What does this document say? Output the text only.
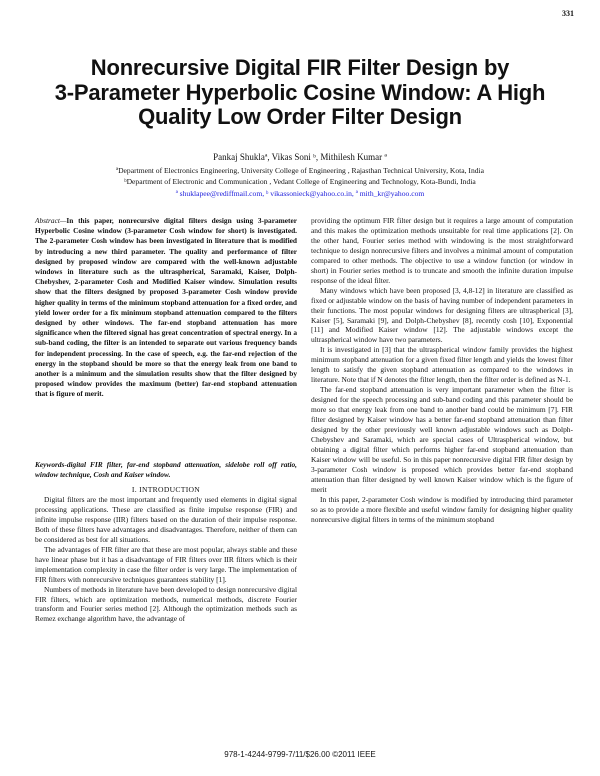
331
Nonrecursive Digital FIR Filter Design by
3-Parameter Hyperbolic Cosine Window: A High
Quality Low Order Filter Design
Pankaj Shuklaª, Vikas Soni ᵇ, Mithilesh Kumar ª
ªDepartment of Electronics Engineering, University College of Engineering , Rajasthan Technical University, Kota, India
ᵇDepartment of Electronic and Communication , Vedant College of Engineering and Technology, Kota-Bundi, India
ª shuklapee@rediffmail.com, ᵇ vikassonieck@yahoo.co.in, ª mith_kr@yahoo.com
Abstract—In this paper, nonrecursive digital filters design using 3-parameter Hyperbolic Cosine window (3-parameter Cosh window for short) is investigated. The 2-parameter Cosh window has been investigated in literature that is modified by introducing a new third parameter. The quality and performance of filter designed by proposed window are compared with the well-known adjustable windows in literature such as the ultraspherical, Saramaki, Kaiser, Dolph-Chebyshev, 2-parameter Cosh and Modified Kaiser window. Simulation results show that the filters designed by proposed 3-parameter Cosh window provide higher quality in terms of the minimum stopband attenuation for a fixed order, and yield lower order for a fix minimum stopband attenuation compared to the filters designed by other windows. The far-end stopband attenuation has more significance when the filtered signal has great concentration of spectral energy. In a sub-band coding, the filter is an intended to separate out various frequency bands for independent processing. In the case of speech, e.g. the far-end rejection of the energy in the stopband should be more so that the energy leak from one band to another is a minimum and the simulation results show that the filter designed by proposed window provides the maximum (better) far-end stopband attenuation that is figure of merit.
Keywords-digital FIR filter, far-end stopband attenuation, sidelobe roll off ratio, window technique, Cosh and Kaiser window.
I. INTRODUCTION

Digital filters are the most important and frequently used elements in digital signal processing applications. These are classified as finite impulse response (FIR) and infinite impulse response (IIR) filters based on the duration of their impulse response. Both of these filters have advantages and disadvantages. Therefore, neither of them can be considered as best for all situations.

The advantages of FIR filter are that these are most popular, always stable and these have linear phase but it has a disadvantage of FIR filters over IIR filters which is their implementation complexity in case the filter order is very large. The implementation of FIR filters with nonrecursive techniques guarantees stability [1].

Numbers of methods in literature have been developed to design nonrecursive digital FIR filters, which are optimization methods, numerical methods, discrete Fourier transform and Fourier series method [2]. Although the optimization methods such as Remez exchange algorithm have, the advantage of

providing the optimum FIR filter design but it requires a large amount of computation and this makes the optimization methods unsuitable for real time applications [2]. On the other hand, Fourier series method with windowing is the most straightforward technique to design nonrecursive filters and involves a minimal amount of computation compared to other methods. The objective to use a window function (or window in short) in Fourier series method is to truncate and smooth the infinite duration impulse response of the ideal filter.

Many windows which have been proposed [3, 4,8-12] in literature are classified as fixed or adjustable window on the basis of having number of independent parameters in their functions. The most popular windows for designing filters are ultraspherical [3], Kaiser [5], Saramaki [9], and Dolph-Chebyshev [8], recently cosh [10], Exponential [11] and Modified Kaiser window [12]. The adjustable windows except the ultraspherical window have two parameters.

It is investigated in [3] that the ultraspherical window family provides the highest minimum stopband attenuation for a given fixed filter length and yields the lowest filter length to satisfy the given stopband attenuation as compared to the windows in literature. Note that if N denotes the filter length, then the filter order is defined as N-1.

The far-end stopband attenuation is very important parameter when the filter is designed for the speech processing and sub-band coding and this parameter should be more so that energy leak from one band to another band could be minimum [7]. FIR filter designed by Kaiser window has a better far-end stopband attenuation than filter designed by the other previously well known adjustable windows such as Dolph-Chebyshev and Saramaki, which are special cases of Ultraspherical window, but obtaining a digital filter which performs higher far-end stopband attenuation than Kaiser window will be useful. So in this paper nonrecursive digital FIR filter design by 3-parameter Cosh window is proposed which provides better far-end stopband attenuation than filter designed by well known Kaiser window which is the figure of merit

In this paper, 2-parameter Cosh window is modified by introducing third parameter so as to provide a more flexible and useful window family for designing higher quality nonrecursive digital filters in terms of the minimum stopband

978-1-4244-9799-7/11/$26.00 ©2011 IEEE
